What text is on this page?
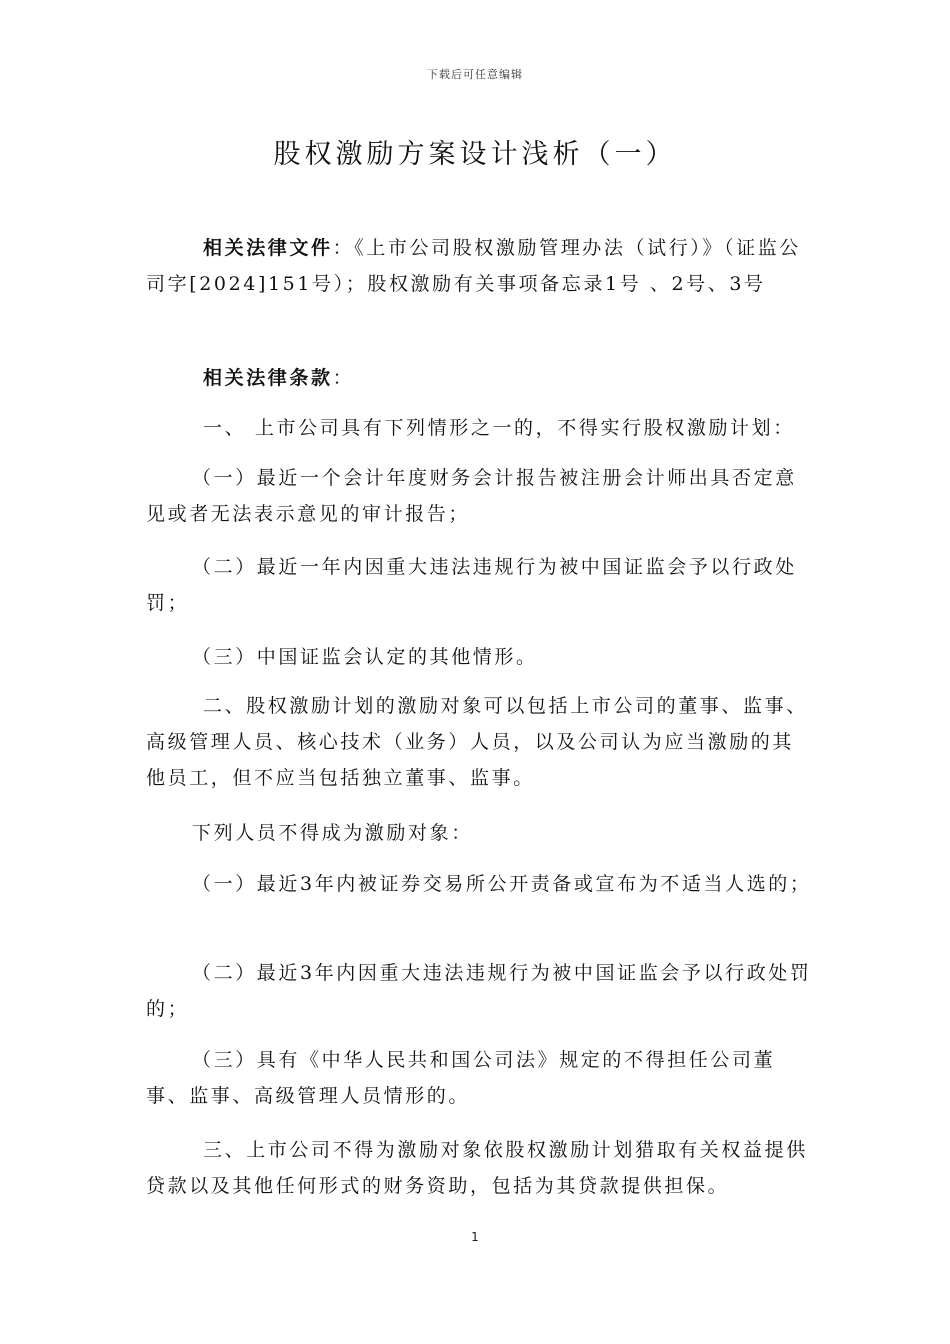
下载后可任意编辑
股权激励方案设计浅析（一）
相关法律文件：《上市公司股权激励管理办法（试行）》（证监公司字[2024]151号）；股权激励有关事项备忘录1号 、2号、3号
相关法律条款：
一、 上市公司具有下列情形之一的，不得实行股权激励计划：
（一）最近一个会计年度财务会计报告被注册会计师出具否定意见或者无法表示意见的审计报告；
（二）最近一年内因重大违法违规行为被中国证监会予以行政处罚；
（三）中国证监会认定的其他情形。
二、股权激励计划的激励对象可以包括上市公司的董事、监事、高级管理人员、核心技术（业务）人员，以及公司认为应当激励的其他员工，但不应当包括独立董事、监事。
下列人员不得成为激励对象：
（一）最近3年内被证券交易所公开责备或宣布为不适当人选的；
（二）最近3年内因重大违法违规行为被中国证监会予以行政处罚的；
（三）具有《中华人民共和国公司法》规定的不得担任公司董事、监事、高级管理人员情形的。
三、上市公司不得为激励对象依股权激励计划猎取有关权益提供贷款以及其他任何形式的财务资助，包括为其贷款提供担保。
1
